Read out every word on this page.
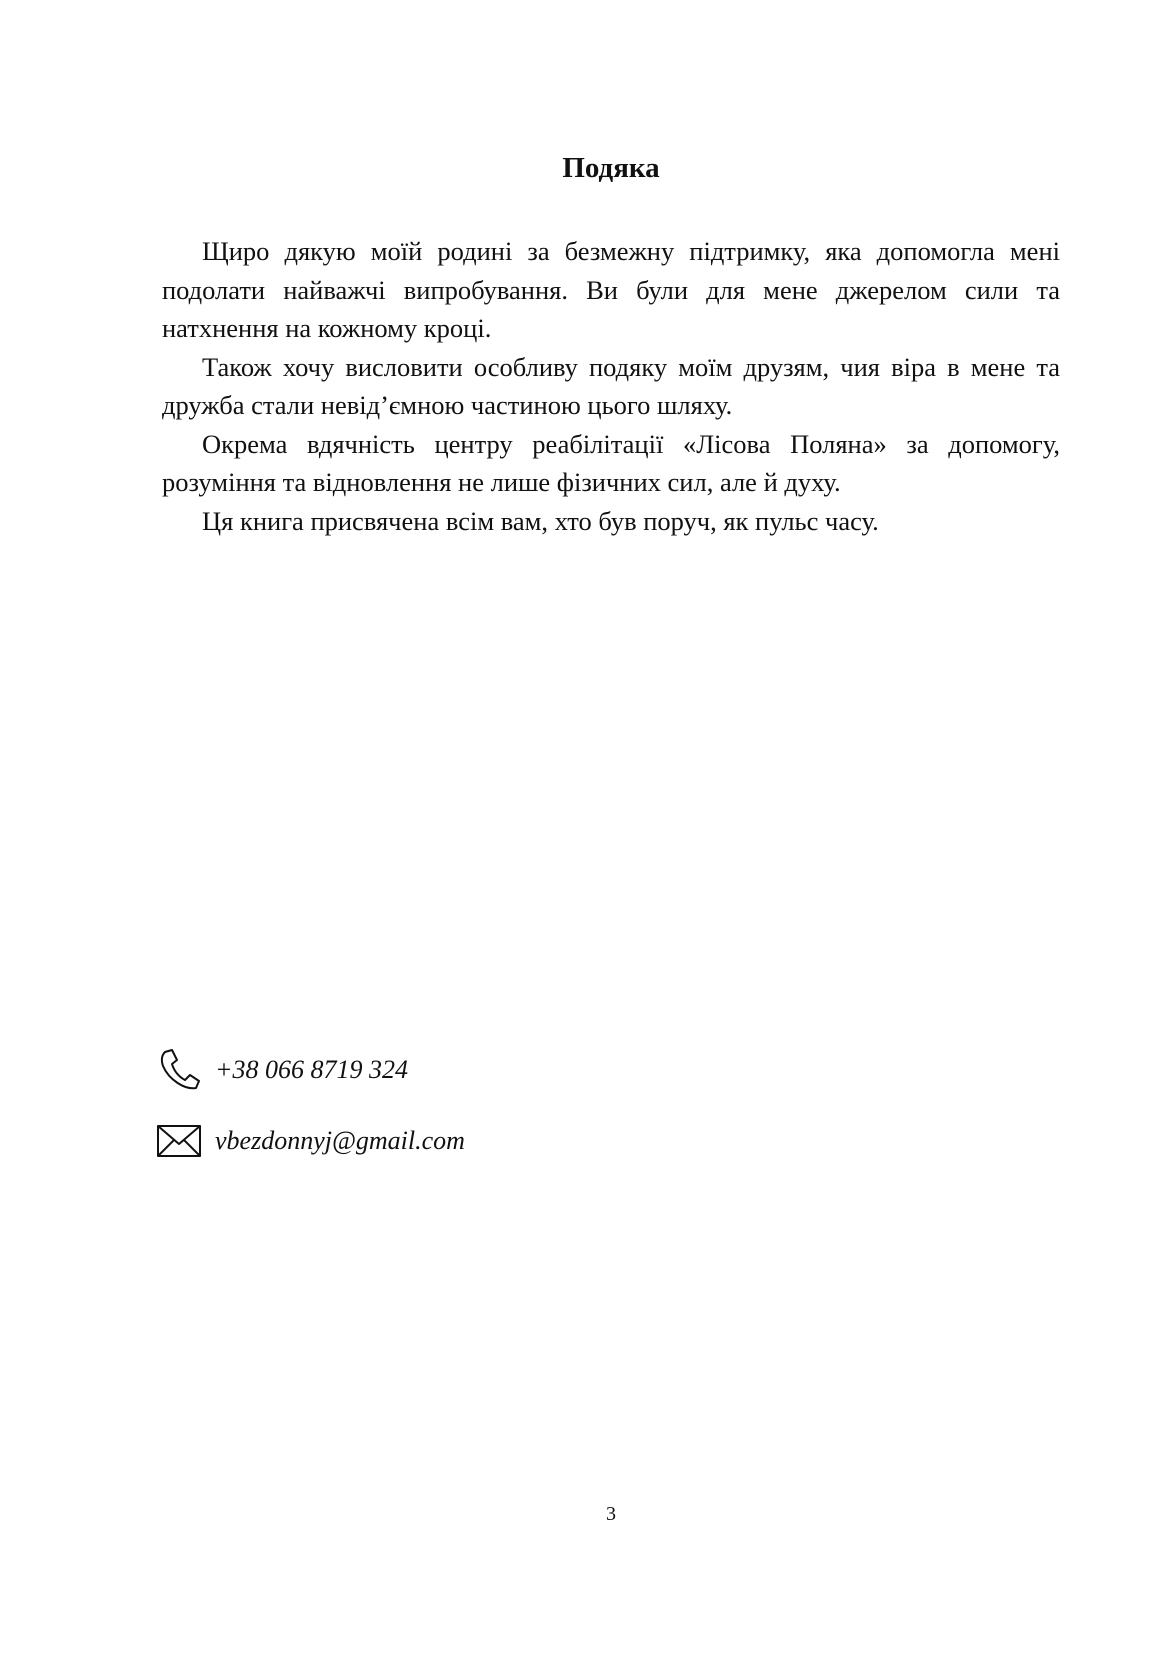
Подяка

Щиро дякую моїй родині за безмежну підтримку, яка допомогла мені подолати найважчі випробування. Ви були для мене джерелом сили та натхнення на кожному кроці.

Також хочу висловити особливу подяку моїм друзям, чия віра в мене та дружба стали невід’ємною частиною цього шляху.

Окрема вдячність центру реабілітації «Лісова Поляна» за допомогу, розуміння та відновлення не лише фізичних сил, але й духу.

Ця книга присвячена всім вам, хто був поруч, як пульс часу.

+38 066 8719 324
vbezdonnyj@gmail.com
3
